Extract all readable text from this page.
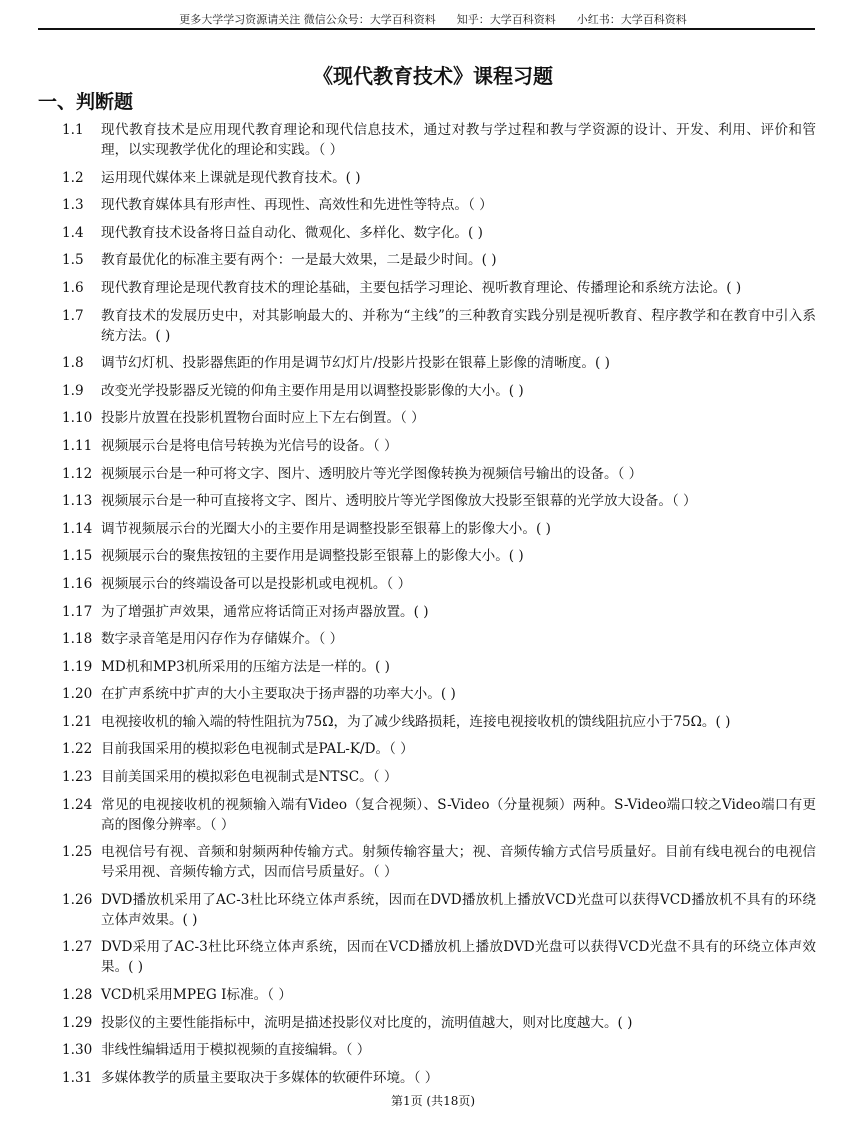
更多大学学习资源请关注 微信公众号：大学百科资料      知乎：大学百科资料      小红书：大学百科资料
《现代教育技术》课程习题
一、判断题
1.1	现代教育技术是应用现代教育理论和现代信息技术，通过对教与学过程和教与学资源的设计、开发、利用、评价和管理，以实现教学优化的理论和实践。（ ）
1.2	运用现代媒体来上课就是现代教育技术。( )
1.3	现代教育媒体具有形声性、再现性、高效性和先进性等特点。（ ）
1.4	现代教育技术设备将日益自动化、微观化、多样化、数字化。( )
1.5	教育最优化的标准主要有两个：一是最大效果，二是最少时间。( )
1.6	现代教育理论是现代教育技术的理论基础，主要包括学习理论、视听教育理论、传播理论和系统方法论。( )
1.7	教育技术的发展历史中，对其影响最大的、并称为“主线”的三种教育实践分别是视听教育、程序教学和在教育中引入系统方法。( )
1.8	调节幻灯机、投影器焦距的作用是调节幻灯片/投影片投影在银幕上影像的清晰度。( )
1.9	改变光学投影器反光镜的仰角主要作用是用以调整投影影像的大小。( )
1.10 投影片放置在投影机置物台面时应上下左右倒置。（ ）
1.11 视频展示台是将电信号转换为光信号的设备。（ ）
1.12 视频展示台是一种可将文字、图片、透明胶片等光学图像转换为视频信号输出的设备。（ ）
1.13 视频展示台是一种可直接将文字、图片、透明胶片等光学图像放大投影至银幕的光学放大设备。（ ）
1.14 调节视频展示台的光圈大小的主要作用是调整投影至银幕上的影像大小。( )
1.15 视频展示台的聚焦按钮的主要作用是调整投影至银幕上的影像大小。( )
1.16 视频展示台的终端设备可以是投影机或电视机。（ ）
1.17 为了增强扩声效果，通常应将话筒正对扬声器放置。( )
1.18 数字录音笔是用闪存作为存储媒介。（ ）
1.19 MD机和MP3机所采用的压缩方法是一样的。( )
1.20 在扩声系统中扩声的大小主要取决于扬声器的功率大小。( )
1.21 电视接收机的输入端的特性阻抗为75Ω，为了减少线路损耗，连接电视接收机的馈线阻抗应小于75Ω。( )
1.22 目前我国采用的模拟彩色电视制式是PAL-K/D。（ ）
1.23 目前美国采用的模拟彩色电视制式是NTSC。（ ）
1.24 常见的电视接收机的视频输入端有Video（复合视频）、S-Video（分量视频）两种。S-Video端口较之Video端口有更高的图像分辨率。（ ）
1.25 电视信号有视、音频和射频两种传输方式。射频传输容量大；视、音频传输方式信号质量好。目前有线电视台的电视信号采用视、音频传输方式，因而信号质量好。（ ）
1.26 DVD播放机采用了AC-3杜比环绕立体声系统，因而在DVD播放机上播放VCD光盘可以获得VCD播放机不具有的环绕立体声效果。( )
1.27 DVD采用了AC-3杜比环绕立体声系统，因而在VCD播放机上播放DVD光盘可以获得VCD光盘不具有的环绕立体声效果。( )
1.28 VCD机采用MPEG Ⅰ标准。（ ）
1.29 投影仪的主要性能指标中，流明是描述投影仪对比度的，流明值越大，则对比度越大。( )
1.30 非线性编辑适用于模拟视频的直接编辑。（ ）
1.31 多媒体教学的质量主要取决于多媒体的软硬件环境。（ ）
第1页 (共18页)
